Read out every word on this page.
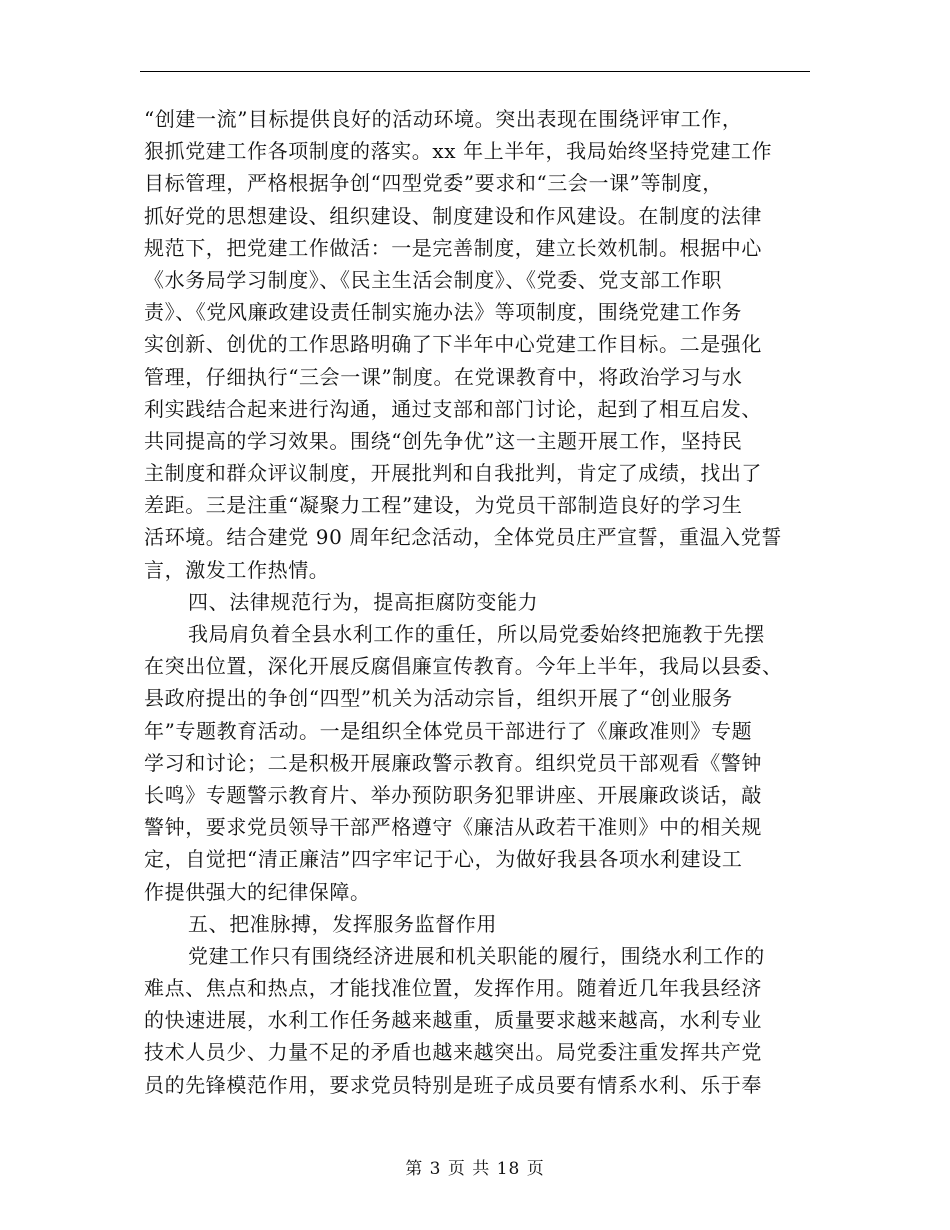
“创建一流”目标提供良好的活动环境。突出表现在围绕评审工作，
狠抓党建工作各项制度的落实。xx 年上半年，我局始终坚持党建工作
目标管理，严格根据争创“四型党委”要求和“三会一课”等制度，
抓好党的思想建设、组织建设、制度建设和作风建设。在制度的法律
规范下，把党建工作做活：一是完善制度，建立长效机制。根据中心
《水务局学习制度》、《民主生活会制度》、《党委、党支部工作职
责》、《党风廉政建设责任制实施办法》等项制度，围绕党建工作务
实创新、创优的工作思路明确了下半年中心党建工作目标。二是强化
管理，仔细执行“三会一课”制度。在党课教育中，将政治学习与水
利实践结合起来进行沟通，通过支部和部门讨论，起到了相互启发、
共同提高的学习效果。围绕“创先争优”这一主题开展工作，坚持民
主制度和群众评议制度，开展批判和自我批判，肯定了成绩，找出了
差距。三是注重“凝聚力工程”建设，为党员干部制造良好的学习生
活环境。结合建党 90 周年纪念活动，全体党员庄严宣誓，重温入党誓
言，激发工作热情。
四、法律规范行为，提高拒腐防变能力
我局肩负着全县水利工作的重任，所以局党委始终把施教于先摆
在突出位置，深化开展反腐倡廉宣传教育。今年上半年，我局以县委、
县政府提出的争创“四型”机关为活动宗旨，组织开展了“创业服务
年”专题教育活动。一是组织全体党员干部进行了《廉政准则》专题
学习和讨论；二是积极开展廉政警示教育。组织党员干部观看《警钟
长鸣》专题警示教育片、举办预防职务犯罪讲座、开展廉政谈话，敲
警钟，要求党员领导干部严格遵守《廉洁从政若干准则》中的相关规
定，自觉把“清正廉洁”四字牢记于心，为做好我县各项水利建设工
作提供强大的纪律保障。
五、把准脉搏，发挥服务监督作用
党建工作只有围绕经济进展和机关职能的履行，围绕水利工作的
难点、焦点和热点，才能找准位置，发挥作用。随着近几年我县经济
的快速进展，水利工作任务越来越重，质量要求越来越高，水利专业
技术人员少、力量不足的矛盾也越来越突出。局党委注重发挥共产党
员的先锋模范作用，要求党员特别是班子成员要有情系水利、乐于奉
第 3 页 共 18 页
